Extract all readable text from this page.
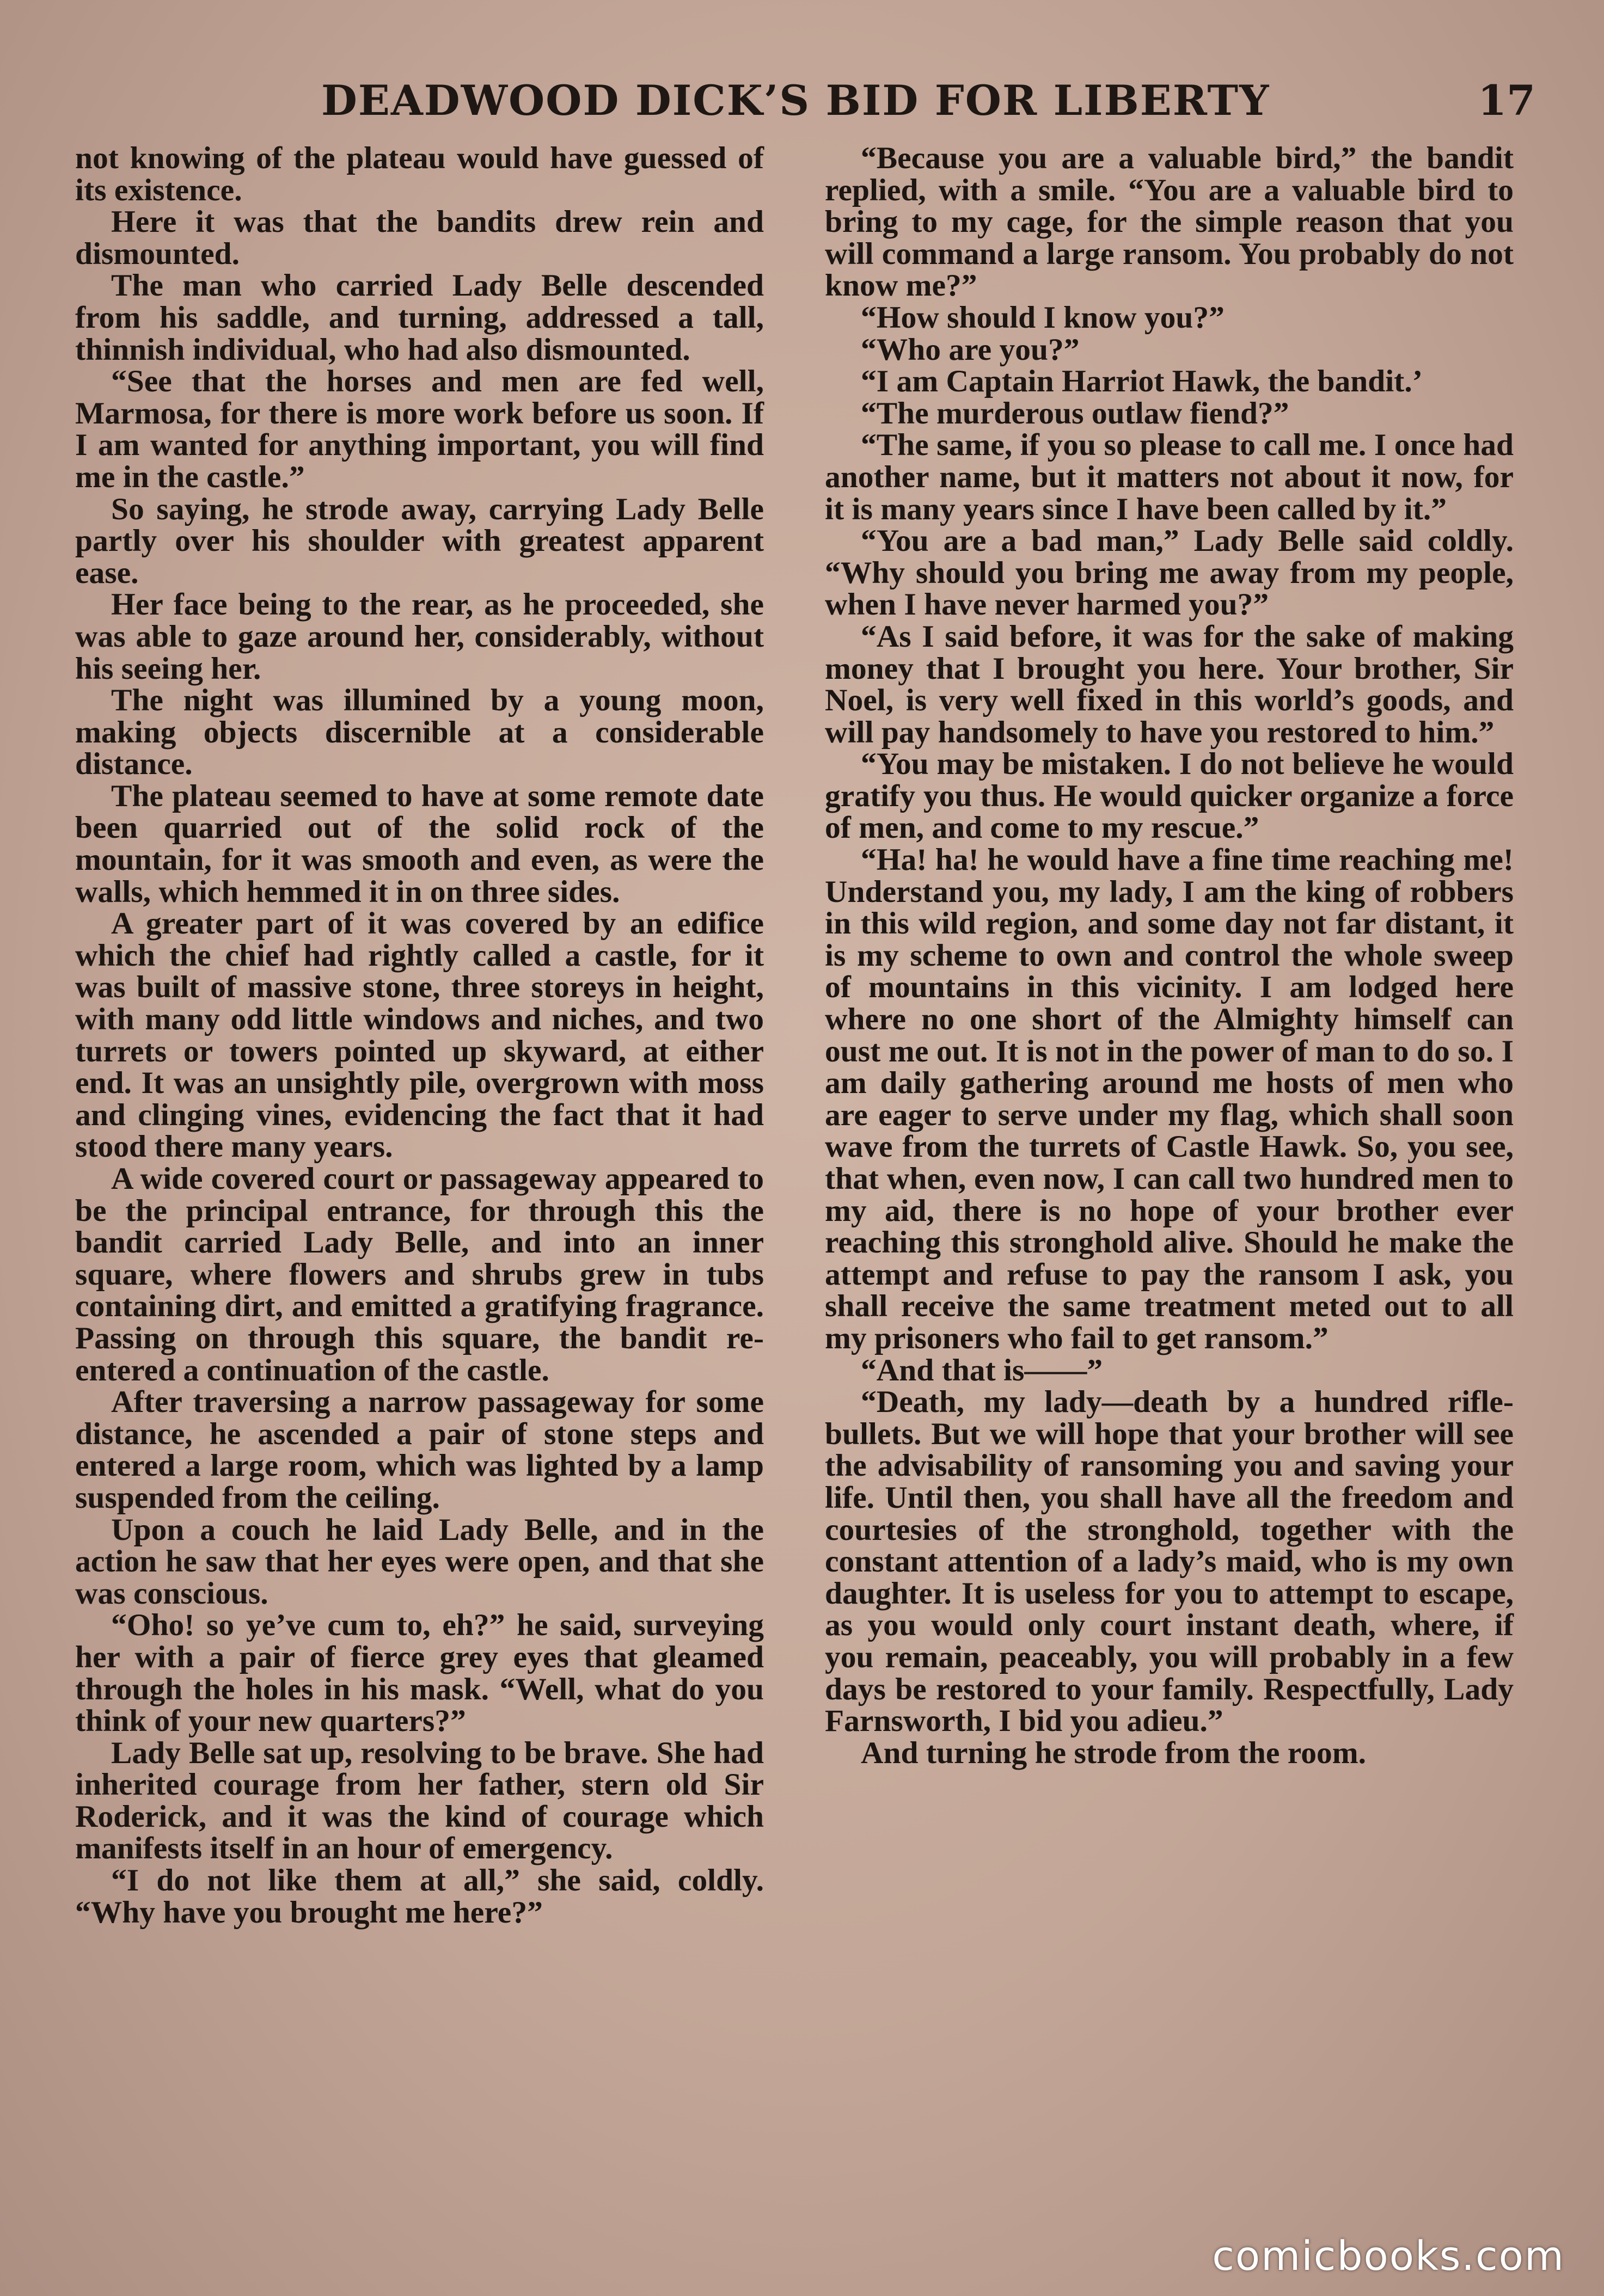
DEADWOOD DICK’S BID FOR LIBERTY	17

not knowing of the plateau would have guessed of its existence.

Here it was that the bandits drew rein and dismounted.

The man who carried Lady Belle descended from his saddle, and turning, addressed a tall, thinnish individual, who had also dismounted.

“See that the horses and men are fed well, Marmosa, for there is more work before us soon. If I am wanted for anything important, you will find me in the castle.”

So saying, he strode away, carrying Lady Belle partly over his shoulder with greatest apparent ease.

Her face being to the rear, as he proceeded, she was able to gaze around her, considerably, without his seeing her.

The night was illumined by a young moon, making objects discernible at a considerable distance.

The plateau seemed to have at some remote date been quarried out of the solid rock of the mountain, for it was smooth and even, as were the walls, which hemmed it in on three sides.

A greater part of it was covered by an edifice which the chief had rightly called a castle, for it was built of massive stone, three storeys in height, with many odd little windows and niches, and two turrets or towers pointed up skyward, at either end. It was an unsightly pile, overgrown with moss and clinging vines, evidencing the fact that it had stood there many years.

A wide covered court or passageway appeared to be the principal entrance, for through this the bandit carried Lady Belle, and into an inner square, where flowers and shrubs grew in tubs containing dirt, and emitted a gratifying fragrance. Passing on through this square, the bandit re-entered a continuation of the castle.

After traversing a narrow passageway for some distance, he ascended a pair of stone steps and entered a large room, which was lighted by a lamp suspended from the ceiling.

Upon a couch he laid Lady Belle, and in the action he saw that her eyes were open, and that she was conscious.

“Oho! so ye’ve cum to, eh?” he said, surveying her with a pair of fierce grey eyes that gleamed through the holes in his mask. “Well, what do you think of your new quarters?”

Lady Belle sat up, resolving to be brave. She had inherited courage from her father, stern old Sir Roderick, and it was the kind of courage which manifests itself in an hour of emergency.

“I do not like them at all,” she said, coldly. “Why have you brought me here?”

“Because you are a valuable bird,” the bandit replied, with a smile. “You are a valuable bird to bring to my cage, for the simple reason that you will command a large ransom. You probably do not know me?”

“How should I know you?”

“Who are you?”

“I am Captain Harriot Hawk, the bandit.’

“The murderous outlaw fiend?”

“The same, if you so please to call me. I once had another name, but it matters not about it now, for it is many years since I have been called by it.”

“You are a bad man,” Lady Belle said coldly. “Why should you bring me away from my people, when I have never harmed you?”

“As I said before, it was for the sake of making money that I brought you here. Your brother, Sir Noel, is very well fixed in this world’s goods, and will pay handsomely to have you restored to him.”

“You may be mistaken. I do not believe he would gratify you thus. He would quicker organize a force of men, and come to my rescue.”

“Ha! ha! he would have a fine time reaching me! Understand you, my lady, I am the king of robbers in this wild region, and some day not far distant, it is my scheme to own and control the whole sweep of mountains in this vicinity. I am lodged here where no one short of the Almighty himself can oust me out. It is not in the power of man to do so. I am daily gathering around me hosts of men who are eager to serve under my flag, which shall soon wave from the turrets of Castle Hawk. So, you see, that when, even now, I can call two hundred men to my aid, there is no hope of your brother ever reaching this stronghold alive. Should he make the attempt and refuse to pay the ransom I ask, you shall receive the same treatment meted out to all my prisoners who fail to get ransom.”

“And that is——”

“Death, my lady—death by a hundred rifle-bullets. But we will hope that your brother will see the advisability of ransoming you and saving your life. Until then, you shall have all the freedom and courtesies of the stronghold, together with the constant attention of a lady’s maid, who is my own daughter. It is useless for you to attempt to escape, as you would only court instant death, where, if you remain, peaceably, you will probably in a few days be restored to your family. Respectfully, Lady Farnsworth, I bid you adieu.”

And turning he strode from the room.

comicbooks.com
